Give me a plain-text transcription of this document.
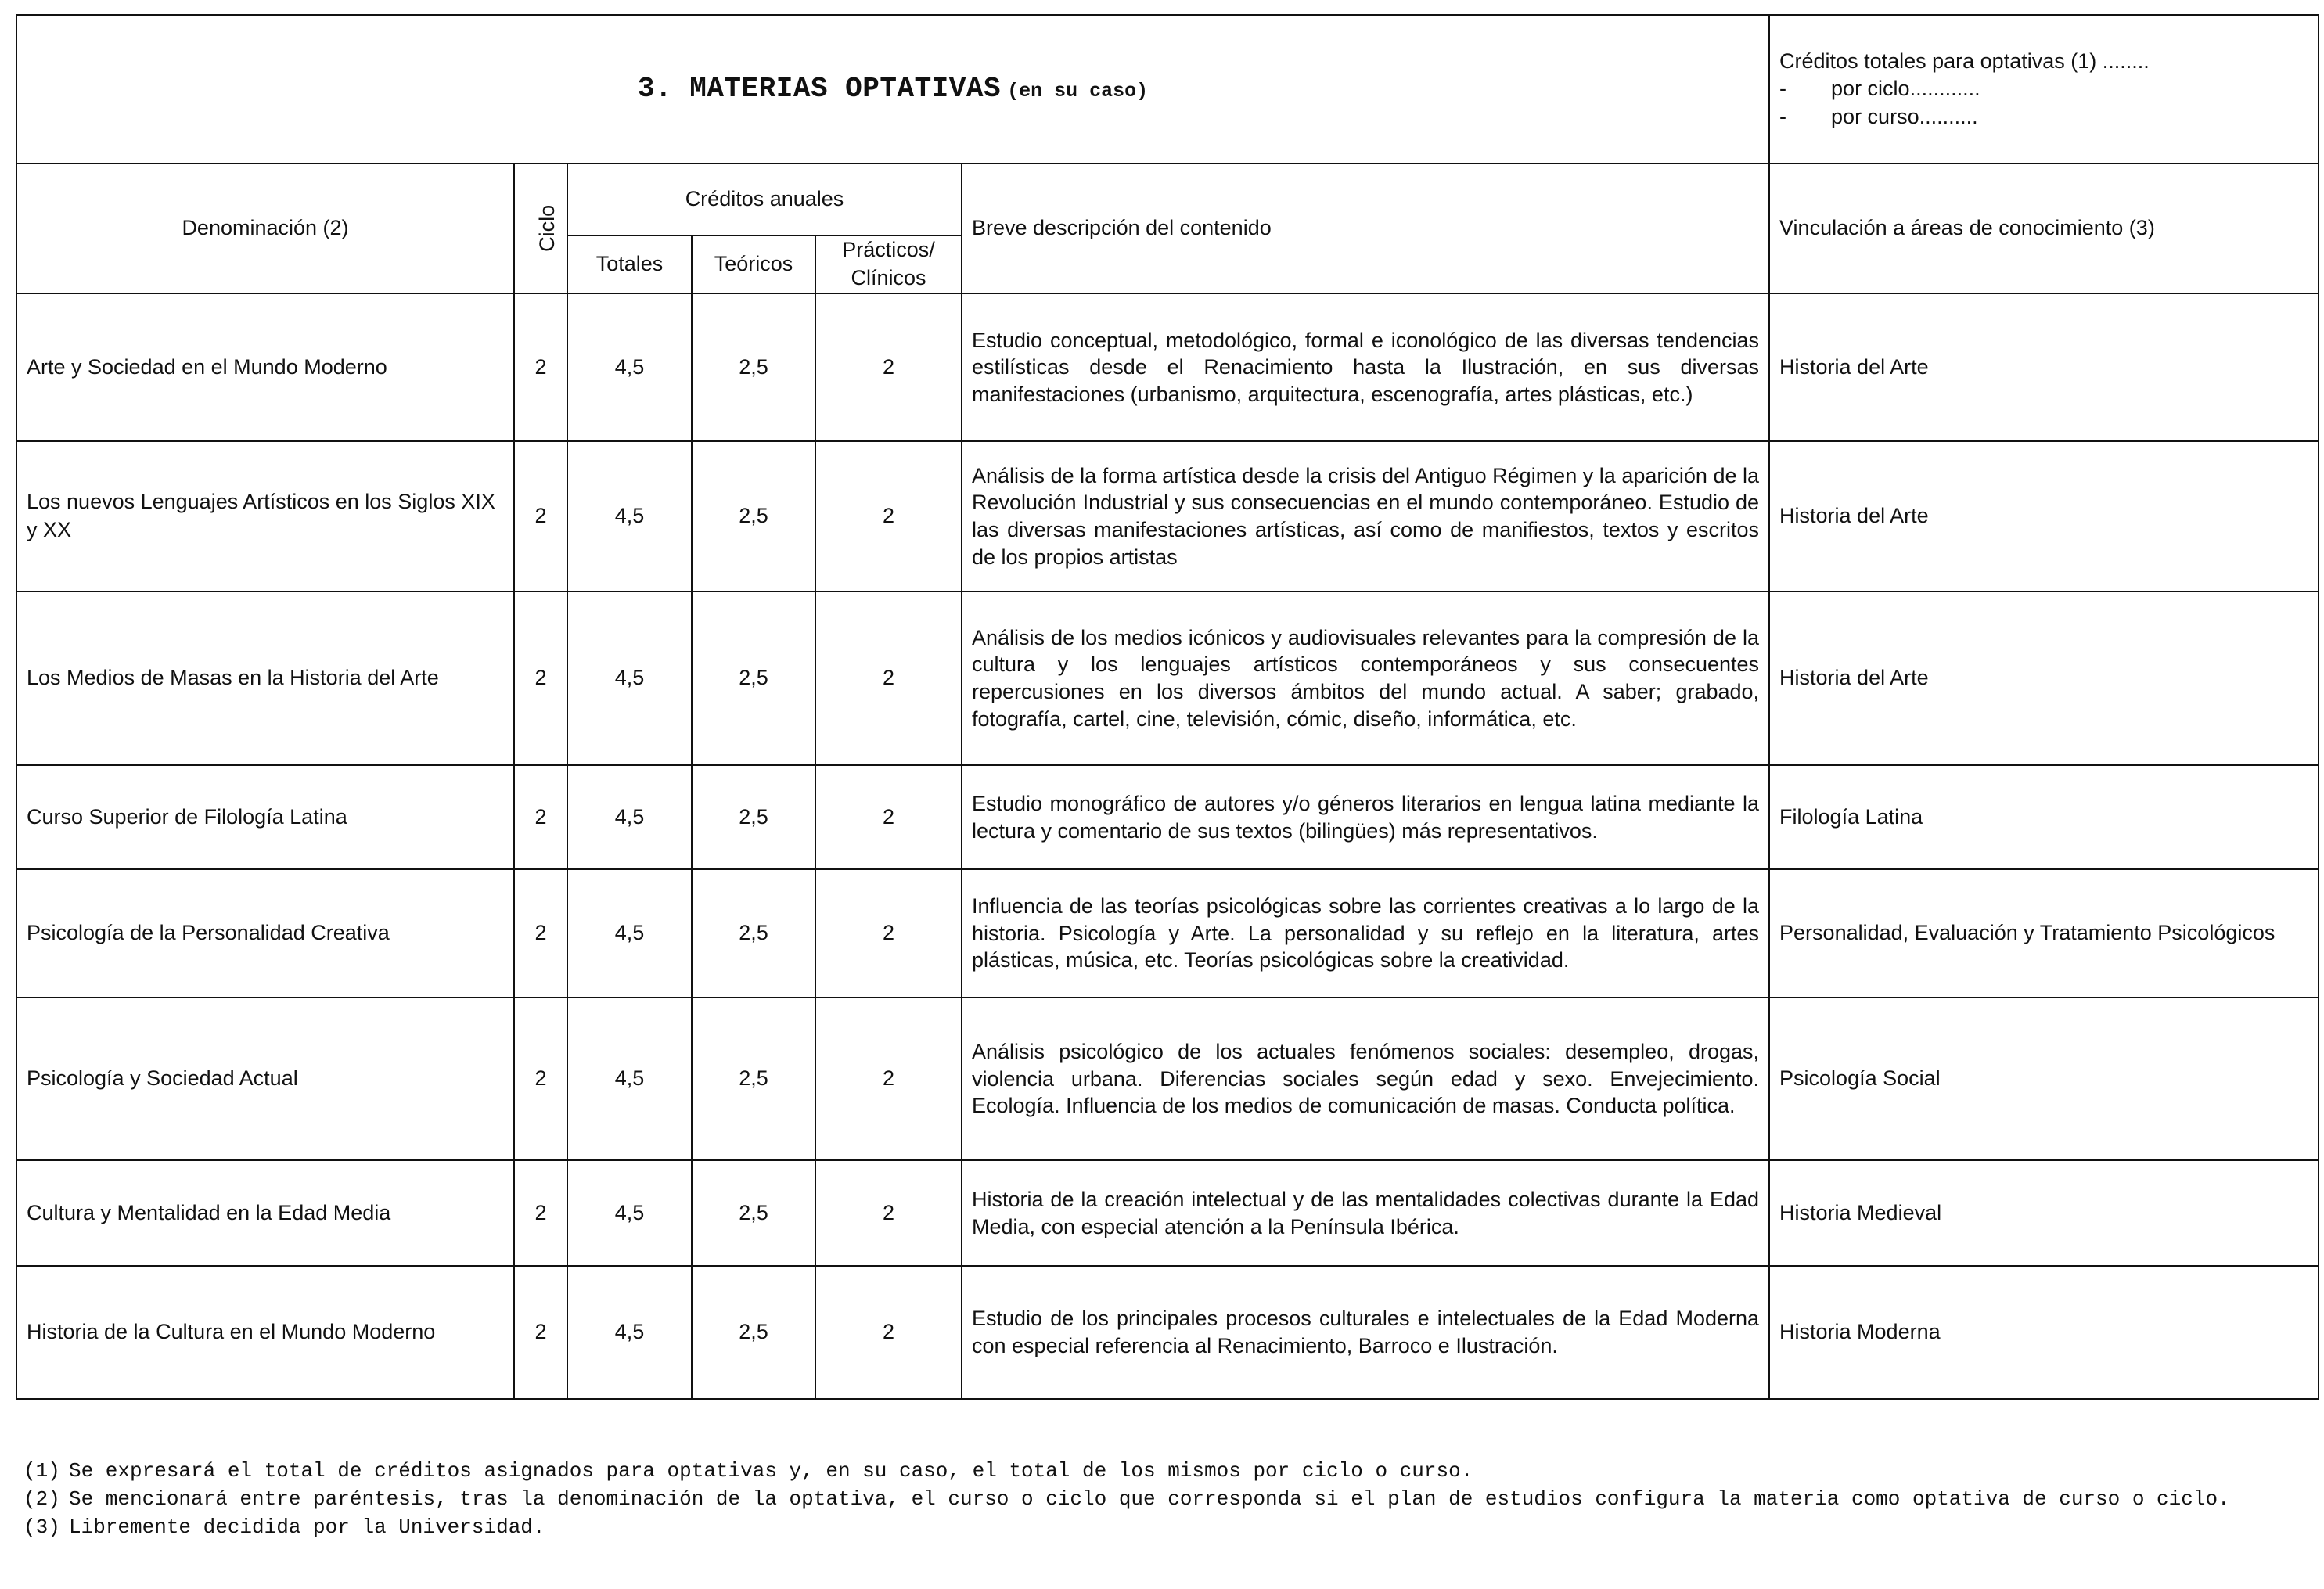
3. MATERIAS OPTATIVAS (en su caso)						Créditos totales para optativas (1) ........
- por ciclo............
- por curso..........

Denominación (2)	Ciclo	Créditos anuales			Breve descripción del contenido	Vinculación a áreas de conocimiento (3)
		Totales	Teóricos	Prácticos/ Clínicos		
Arte y Sociedad en el Mundo Moderno	2	4,5	2,5	2	Estudio conceptual, metodológico, formal e iconológico de las diversas tendencias estilísticas desde el Renacimiento hasta la Ilustración, en sus diversas manifestaciones (urbanismo, arquitectura, escenografía, artes plásticas, etc.)	Historia del Arte
Los nuevos Lenguajes Artísticos en los Siglos XIX y XX	2	4,5	2,5	2	Análisis de la forma artística desde la crisis del Antiguo Régimen y la aparición de la Revolución Industrial y sus consecuencias en el mundo contemporáneo. Estudio de las diversas manifestaciones artísticas, así como de manifiestos, textos y escritos de los propios artistas	Historia del Arte
Los Medios de Masas en la Historia del Arte	2	4,5	2,5	2	Análisis de los medios icónicos y audiovisuales relevantes para la compresión de la cultura y los lenguajes artísticos contemporáneos y sus consecuentes repercusiones en los diversos ámbitos del mundo actual. A saber; grabado, fotografía, cartel, cine, televisión, cómic, diseño, informática, etc.	Historia del Arte
Curso Superior de Filología Latina	2	4,5	2,5	2	Estudio monográfico de autores y/o géneros literarios en lengua latina mediante la lectura y comentario de sus textos (bilingües) más representativos.	Filología Latina
Psicología de la Personalidad Creativa	2	4,5	2,5	2	Influencia de las teorías psicológicas sobre las corrientes creativas a lo largo de la historia. Psicología y Arte. La personalidad y su reflejo en la literatura, artes plásticas, música, etc. Teorías psicológicas sobre la creatividad.	Personalidad, Evaluación y Tratamiento Psicológicos
Psicología y Sociedad Actual	2	4,5	2,5	2	Análisis psicológico de los actuales fenómenos sociales: desempleo, drogas, violencia urbana. Diferencias sociales según edad y sexo. Envejecimiento. Ecología. Influencia de los medios de comunicación de masas. Conducta política.	Psicología Social
Cultura y Mentalidad en la Edad Media	2	4,5	2,5	2	Historia de la creación intelectual y de las mentalidades colectivas durante la Edad Media, con especial atención a la Península Ibérica.	Historia Medieval
Historia de la Cultura en el Mundo Moderno	2	4,5	2,5	2	Estudio de los principales procesos culturales e intelectuales de la Edad Moderna con especial referencia al Renacimiento, Barroco e Ilustración.	Historia Moderna
(1) Se expresará el total de créditos asignados para optativas y, en su caso, el total de los mismos por ciclo o curso.
(2) Se mencionará entre paréntesis, tras la denominación de la optativa, el curso o ciclo que corresponda si el plan de estudios configura la materia como optativa de curso o ciclo.
(3) Libremente decidida por la Universidad.
